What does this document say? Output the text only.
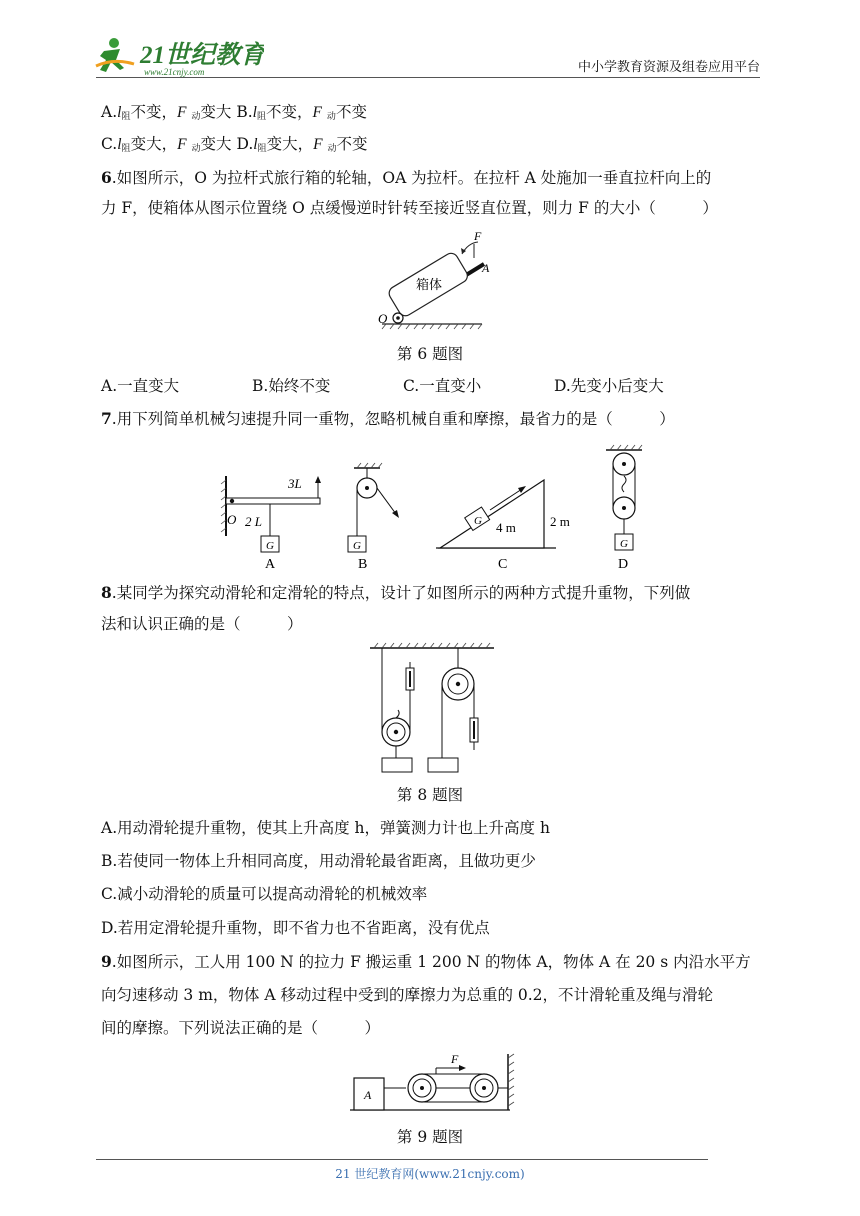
21世纪教育
www.21cnjy.com	中小学教育资源及组卷应用平台
$A.l_阻$不变，F $_动$变大 $B.l_阻$不变，F $_动$不变
$C.l_阻$变大，F $_动$变大 $D.l_阻$变大，F $_动$不变
6.如图所示，O 为拉杆式旅行箱的轮轴，OA 为拉杆。在拉杆 A 处施加一垂直拉杆向上的
力 F，使箱体从图示位置绕 O 点缓慢逆时针转至接近竖直位置，则力 F 的大小（　　　）
箱体
O
A
F
第 6 题图
A.一直变大	B.始终不变	C.一直变小	D.先变小后变大
7.用下列简单机械匀速提升同一重物，忽略机械自重和摩擦，最省力的是（　　　）
3L
O 2 L
G
A
G
B
G 4 m	2 m
C
G
D
8.某同学为探究动滑轮和定滑轮的特点，设计了如图所示的两种方式提升重物，下列做
法和认识正确的是（　　　）
第 8 题图
A.用动滑轮提升重物，使其上升高度 h，弹簧测力计也上升高度 h
B.若使同一物体上升相同高度，用动滑轮最省距离，且做功更少
C.减小动滑轮的质量可以提高动滑轮的机械效率
D.若用定滑轮提升重物，即不省力也不省距离，没有优点
9.如图所示，工人用 100 N 的拉力 F 搬运重 1 200 N 的物体 A，物体 A 在 20 s 内沿水平方
向匀速移动 3 m，物体 A 移动过程中受到的摩擦力为总重的 0.2，不计滑轮重及绳与滑轮
间的摩擦。下列说法正确的是（　　　）
A
F
第 9 题图
21 世纪教育网(www.21cnjy.com)
